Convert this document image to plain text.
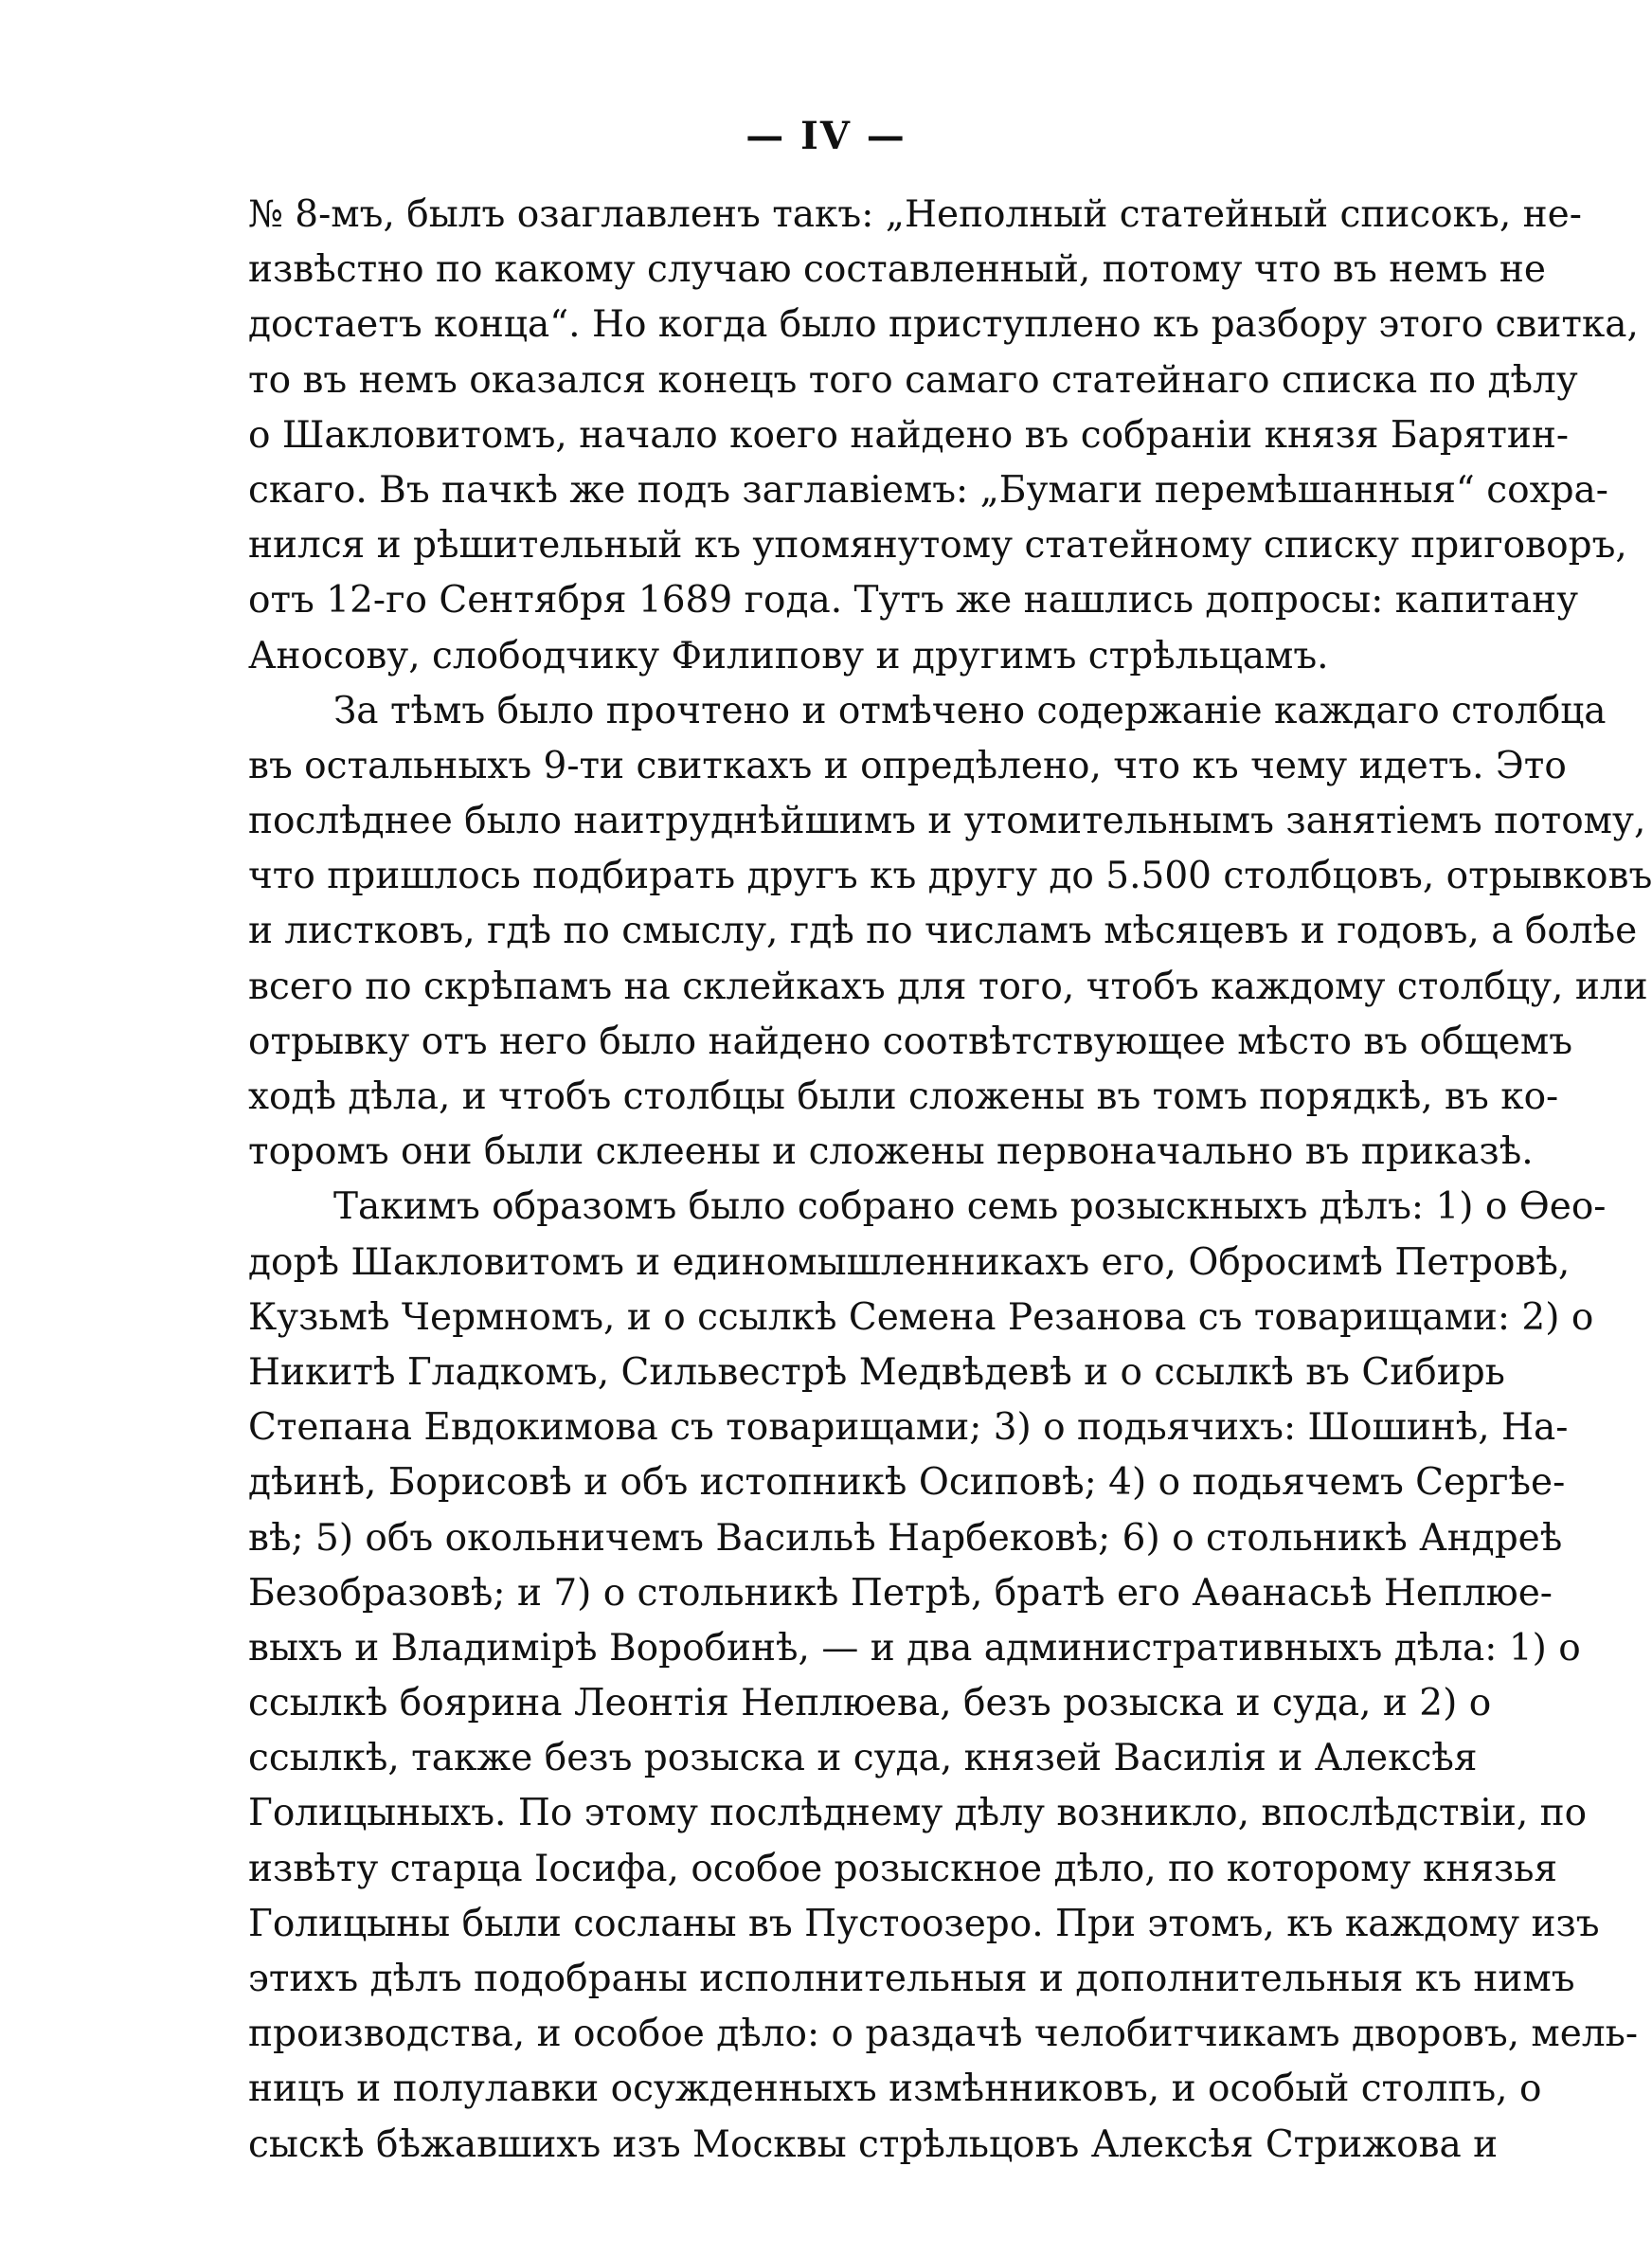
— IV —
№ 8-мъ, былъ озаглавленъ такъ: „Неполный статейный списокъ, не-
извѣстно по какому случаю составленный, потому что въ немъ не
достаетъ конца“. Но когда было приступлено къ разбору этого свитка,
то въ немъ оказался конецъ того самаго статейнаго списка по дѣлу
о Шакловитомъ, начало коего найдено въ собраніи князя Барятин-
скаго. Въ пачкѣ же подъ заглавіемъ: „Бумаги перемѣшанныя“ сохра-
нился и рѣшительный къ упомянутому статейному списку приговоръ,
отъ 12-го Сентября 1689 года. Тутъ же нашлись допросы: капитану
Аносову, слободчику Филипову и другимъ стрѣльцамъ.
За тѣмъ было прочтено и отмѣчено содержаніе каждаго столбца
въ остальныхъ 9-ти свиткахъ и опредѣлено, что къ чему идетъ. Это
послѣднее было наитруднѣйшимъ и утомительнымъ занятіемъ потому,
что пришлось подбирать другъ къ другу до 5.500 столбцовъ, отрывковъ
и листковъ, гдѣ по смыслу, гдѣ по числамъ мѣсяцевъ и годовъ, а болѣе
всего по скрѣпамъ на склейкахъ для того, чтобъ каждому столбцу, или
отрывку отъ него было найдено соотвѣтствующее мѣсто въ общемъ
ходѣ дѣла, и чтобъ столбцы были сложены въ томъ порядкѣ, въ ко-
торомъ они были склеены и сложены первоначально въ приказѣ.
Такимъ образомъ было собрано семь розыскныхъ дѣлъ: 1) о Ѳео-
дорѣ Шакловитомъ и единомышленникахъ его, Обросимѣ Петровѣ,
Кузьмѣ Чермномъ, и о ссылкѣ Семена Резанова съ товарищами: 2) о
Никитѣ Гладкомъ, Сильвестрѣ Медвѣдевѣ и о ссылкѣ въ Сибирь
Степана Евдокимова съ товарищами; 3) о подьячихъ: Шошинѣ, На-
дѣинѣ, Борисовѣ и объ истопникѣ Осиповѣ; 4) о подьячемъ Сергѣе-
вѣ; 5) объ окольничемъ Васильѣ Нарбековѣ; 6) о стольникѣ Андреѣ
Безобразовѣ; и 7) о стольникѣ Петрѣ, братѣ его Аѳанасьѣ Неплюе-
выхъ и Владимірѣ Воробинѣ, — и два административныхъ дѣла: 1) о
ссылкѣ боярина Леонтія Неплюева, безъ розыска и суда, и 2) о
ссылкѣ, также безъ розыска и суда, князей Василія и Алексѣя
Голицыныхъ. По этому послѣднему дѣлу возникло, впослѣдствіи, по
извѣту старца Іосифа, особое розыскное дѣло, по которому князья
Голицыны были сосланы въ Пустоозеро. При этомъ, къ каждому изъ
этихъ дѣлъ подобраны исполнительныя и дополнительныя къ нимъ
производства, и особое дѣло: о раздачѣ челобитчикамъ дворовъ, мель-
ницъ и полулавки осужденныхъ измѣнниковъ, и особый столпъ, о
сыскѣ бѣжавшихъ изъ Москвы стрѣльцовъ Алексѣя Стрижова и
